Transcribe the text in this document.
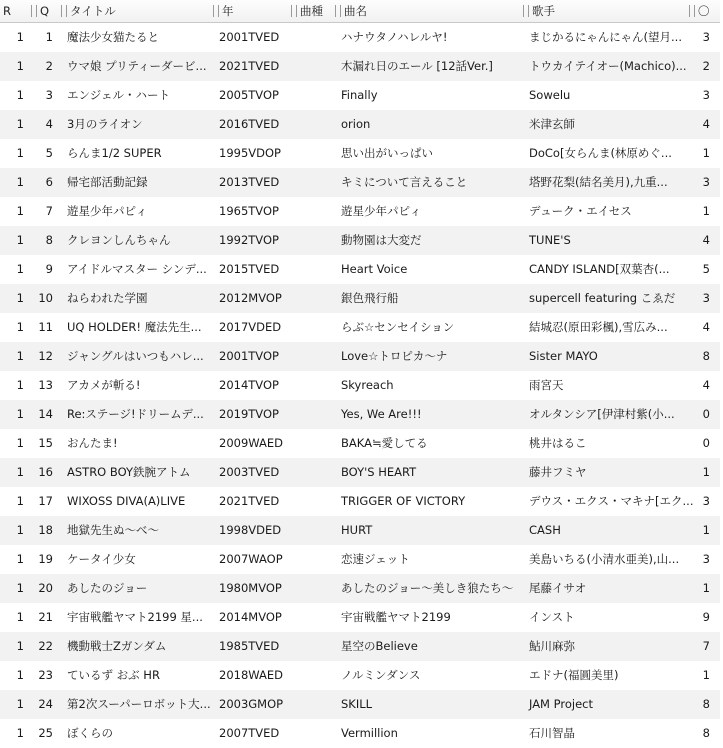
R	Q	タイトル	年	曲種	曲名	歌手	〇
1	1 魔法少女猫たると	2001TVED	ハナウタノハレルヤ!	まじかるにゃんにゃん(望月...	3
1	2 ウマ娘 プリティーダービ... 2021TVED	木漏れ日のエール [12話Ver.]	トウカイテイオー(Machico)...	2
1	3 エンジェル・ハート	2005TVOP	Finally	Sowelu	3
1	4 3月のライオン	2016TVED	orion	米津玄師	4
1	5 らんま1/2 SUPER	1995VDOP	思い出がいっぱい	DoCo[女らんま(林原めぐ...	1
1	6 帰宅部活動記録	2013TVED	キミについて言えること	塔野花梨(結名美月),九重...	3
1	7 遊星少年パピィ	1965TVOP	遊星少年パピィ	デューク・エイセス	1
1	8 クレヨンしんちゃん	1992TVOP	動物園は大変だ	TUNE'S	4
1	9 アイドルマスター シンデ... 2015TVED	Heart Voice	CANDY ISLAND[双葉杏(...	5
1	10 ねらわれた学園	2012MVOP	銀色飛行船	supercell featuring こゑだ	3
1	11 UQ HOLDER! 魔法先生...	2017VDED	らぶ☆センセイション	結城忍(原田彩楓),雪広み...	4
1	12 ジャングルはいつもハレ... 2001TVOP	Love☆トロピカ～ナ	Sister MAYO	8
1	13 アカメが斬る!	2014TVOP	Skyreach	雨宮天	4
1	14 Re:ステージ!ドリームデ... 2019TVOP	Yes, We Are!!!	オルタンシア[伊津村紫(小...	0
1	15 おんたま!	2009WAED	BAKA≒愛してる	桃井はるこ	0
1	16 ASTRO BOY鉄腕アトム	2003TVED	BOY'S HEART	藤井フミヤ	1
1	17 WIXOSS DIVA(A)LIVE	2021TVED	TRIGGER OF VICTORY	デウス・エクス・マキナ[エク... 3
1	18 地獄先生ぬ～べ～	1998VDED	HURT	CASH	1
1	19 ケータイ少女	2007WAOP	恋速ジェット	美島いちる(小清水亜美),山...	3
1	20 あしたのジョー	1980MVOP	あしたのジョー～美しき狼たち～	尾藤イサオ	1
1	21 宇宙戦艦ヤマト2199 星...	2014MVOP	宇宙戦艦ヤマト2199	インスト	9
1	22 機動戦士Zガンダム	1985TVED	星空のBelieve	鮎川麻弥	7
1	23 ているず おぶ HR	2018WAED	ノルミンダンス	エドナ(福圓美里)	1
1	24 第2次スーパーロボット大... 2003GMOP	SKILL	JAM Project	8
1	25 ぼくらの	2007TVED	Vermillion	石川智晶	8
